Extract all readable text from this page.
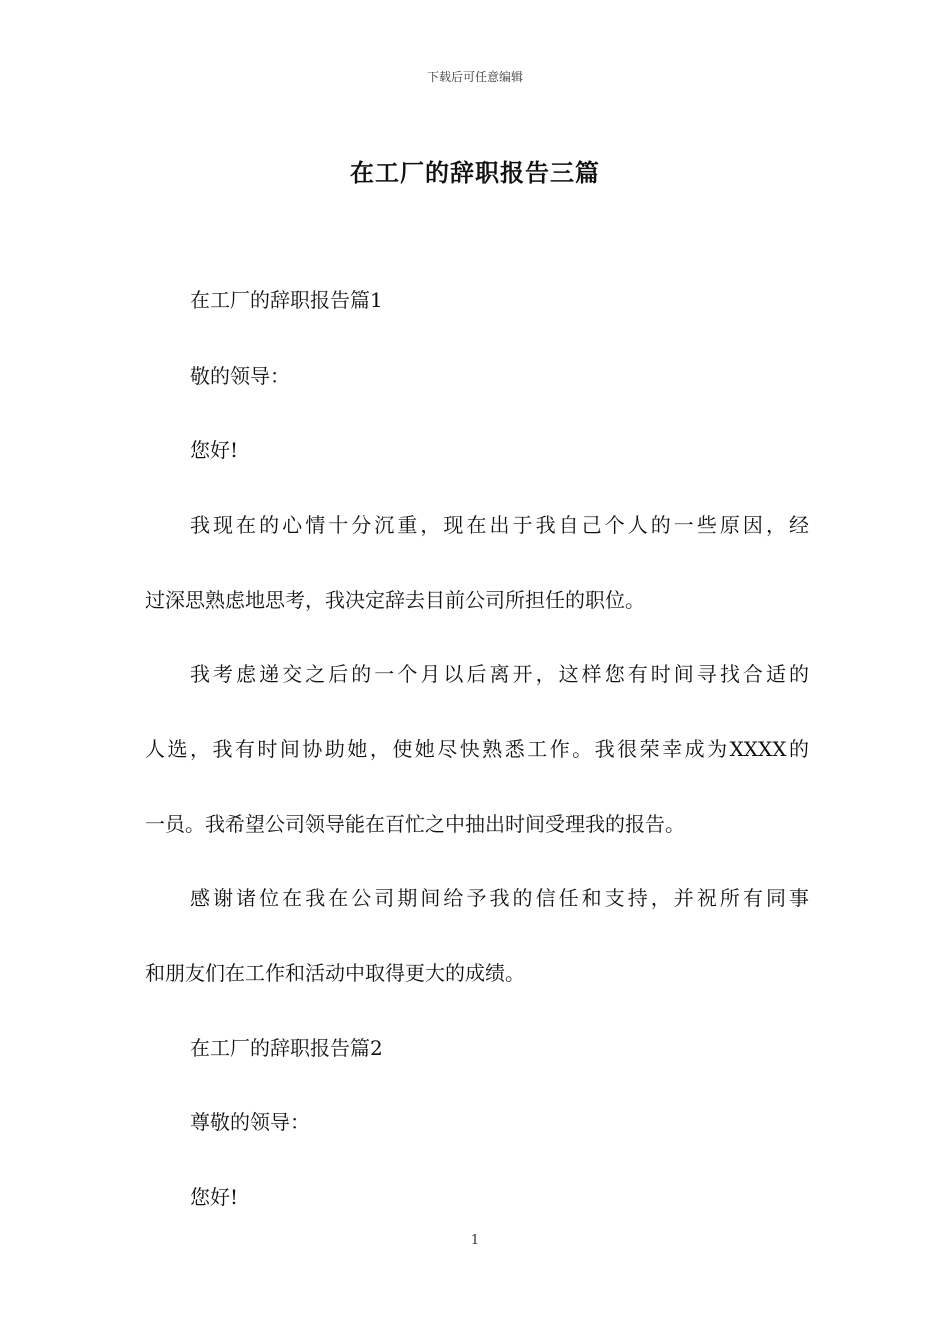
下载后可任意编辑
在工厂的辞职报告三篇
在工厂的辞职报告篇1
敬的领导：
您好!
我现在的心情十分沉重，现在出于我自己个人的一些原因，经
过深思熟虑地思考，我决定辞去目前公司所担任的职位。
我考虑递交之后的一个月以后离开，这样您有时间寻找合适的
人选，我有时间协助她，使她尽快熟悉工作。我很荣幸成为XXXX的
一员。我希望公司领导能在百忙之中抽出时间受理我的报告。
感谢诸位在我在公司期间给予我的信任和支持，并祝所有同事
和朋友们在工作和活动中取得更大的成绩。
在工厂的辞职报告篇2
尊敬的领导：
您好!
1
